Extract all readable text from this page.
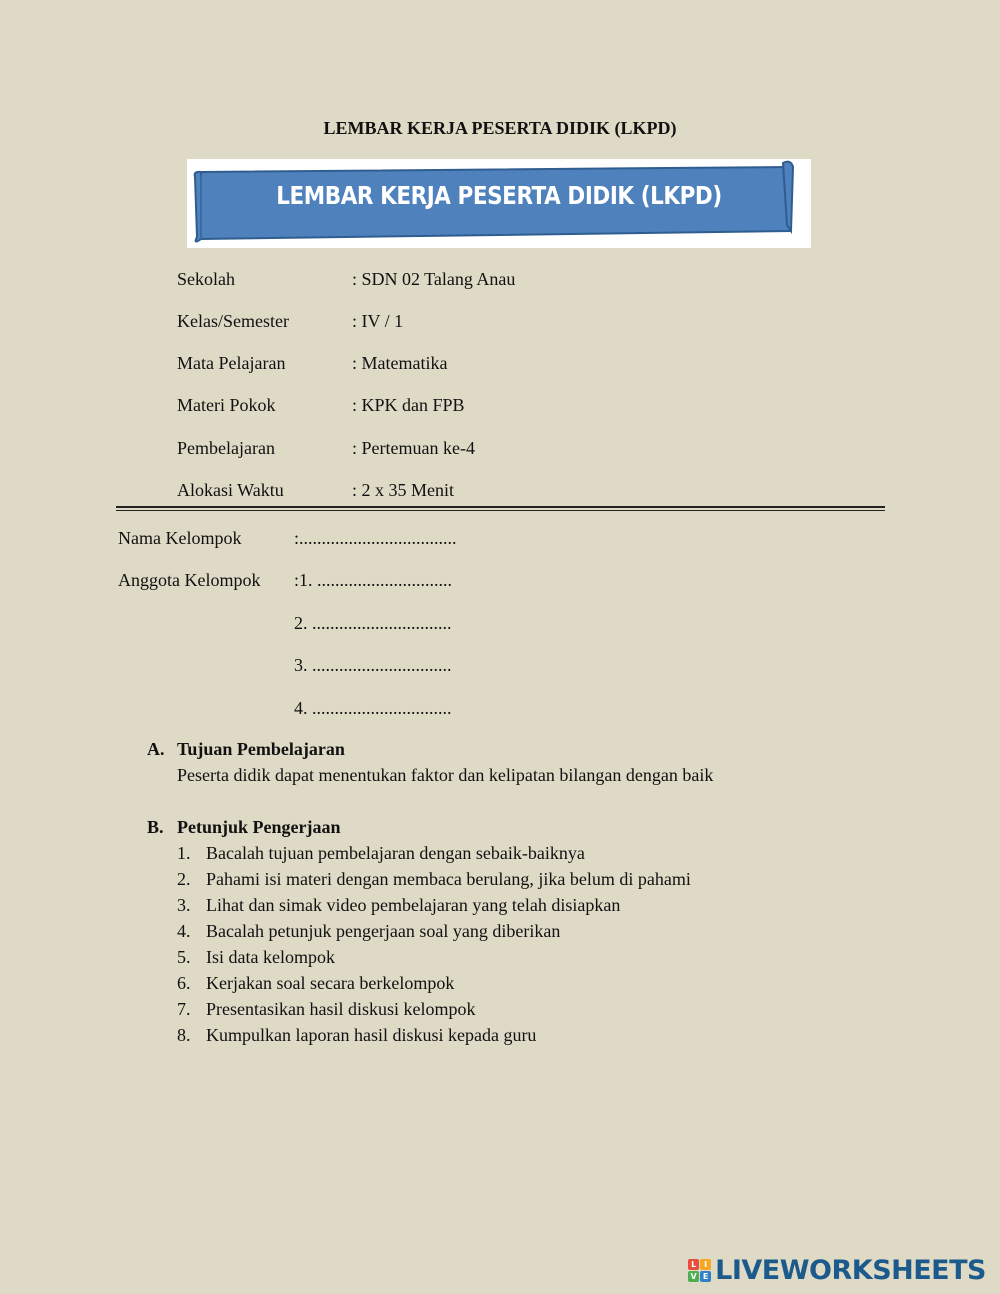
LEMBAR KERJA PESERTA DIDIK (LKPD)
LEMBAR KERJA PESERTA DIDIK (LKPD)
Sekolah	: SDN 02 Talang Anau
Kelas/Semester	: IV / 1
Mata Pelajaran	: Matematika
Materi Pokok	: KPK dan FPB
Pembelajaran	: Pertemuan ke-4
Alokasi Waktu	: 2 x 35 Menit
Nama Kelompok	:...................................
Anggota Kelompok :1. ..............................
2. ...............................
3. ...............................
4. ...............................
A. Tujuan Pembelajaran
Peserta didik dapat menentukan faktor dan kelipatan bilangan dengan baik
B. Petunjuk Pengerjaan
1. Bacalah tujuan pembelajaran dengan sebaik-baiknya
2. Pahami isi materi dengan membaca berulang, jika belum di pahami
3. Lihat dan simak video pembelajaran yang telah disiapkan
4. Bacalah petunjuk pengerjaan soal yang diberikan
5. Isi data kelompok
6. Kerjakan soal secara berkelompok
7. Presentasikan hasil diskusi kelompok
8. Kumpulkan laporan hasil diskusi kepada guru
L I
V E LIVEWORKSHEETS
